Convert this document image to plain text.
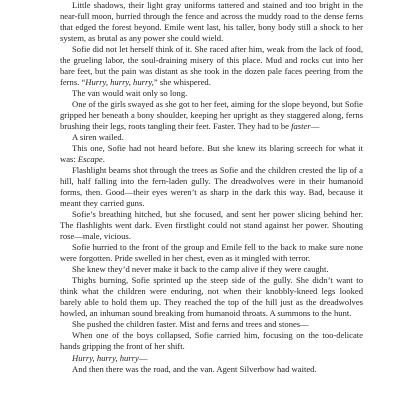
Little shadows, their light gray uniforms tattered and stained and too bright in the near-full moon, hurried through the fence and across the muddy road to the dense ferns that edged the forest beyond. Emile went last, his taller, bony body still a shock to her system, as brutal as any power she could wield.

Sofie did not let herself think of it. She raced after him, weak from the lack of food, the grueling labor, the soul-draining misery of this place. Mud and rocks cut into her bare feet, but the pain was distant as she took in the dozen pale faces peering from the ferns. “Hurry, hurry, hurry,” she whispered.

The van would wait only so long.

One of the girls swayed as she got to her feet, aiming for the slope beyond, but Sofie gripped her beneath a bony shoulder, keeping her upright as they staggered along, ferns brushing their legs, roots tangling their feet. Faster. They had to be faster—

A siren wailed.

This one, Sofie had not heard before. But she knew its blaring screech for what it was: Escape.

Flashlight beams shot through the trees as Sofie and the children crested the lip of a hill, half falling into the fern-laden gully. The dreadwolves were in their humanoid forms, then. Good—their eyes weren’t as sharp in the dark this way. Bad, because it meant they carried guns.

Sofie’s breathing hitched, but she focused, and sent her power slicing behind her. The flashlights went dark. Even firstlight could not stand against her power. Shouting rose—male, vicious.

Sofie hurried to the front of the group and Emile fell to the back to make sure none were forgotten. Pride swelled in her chest, even as it mingled with terror.

She knew they’d never make it back to the camp alive if they were caught.

Thighs burning, Sofie sprinted up the steep side of the gully. She didn’t want to think what the children were enduring, not when their knobbly-kneed legs looked barely able to hold them up. They reached the top of the hill just as the dreadwolves howled, an inhuman sound breaking from humanoid throats. A summons to the hunt.

She pushed the children faster. Mist and ferns and trees and stones—

When one of the boys collapsed, Sofie carried him, focusing on the too-delicate hands gripping the front of her shift.

Hurry, hurry, hurry—

And then there was the road, and the van. Agent Silverbow had waited.
